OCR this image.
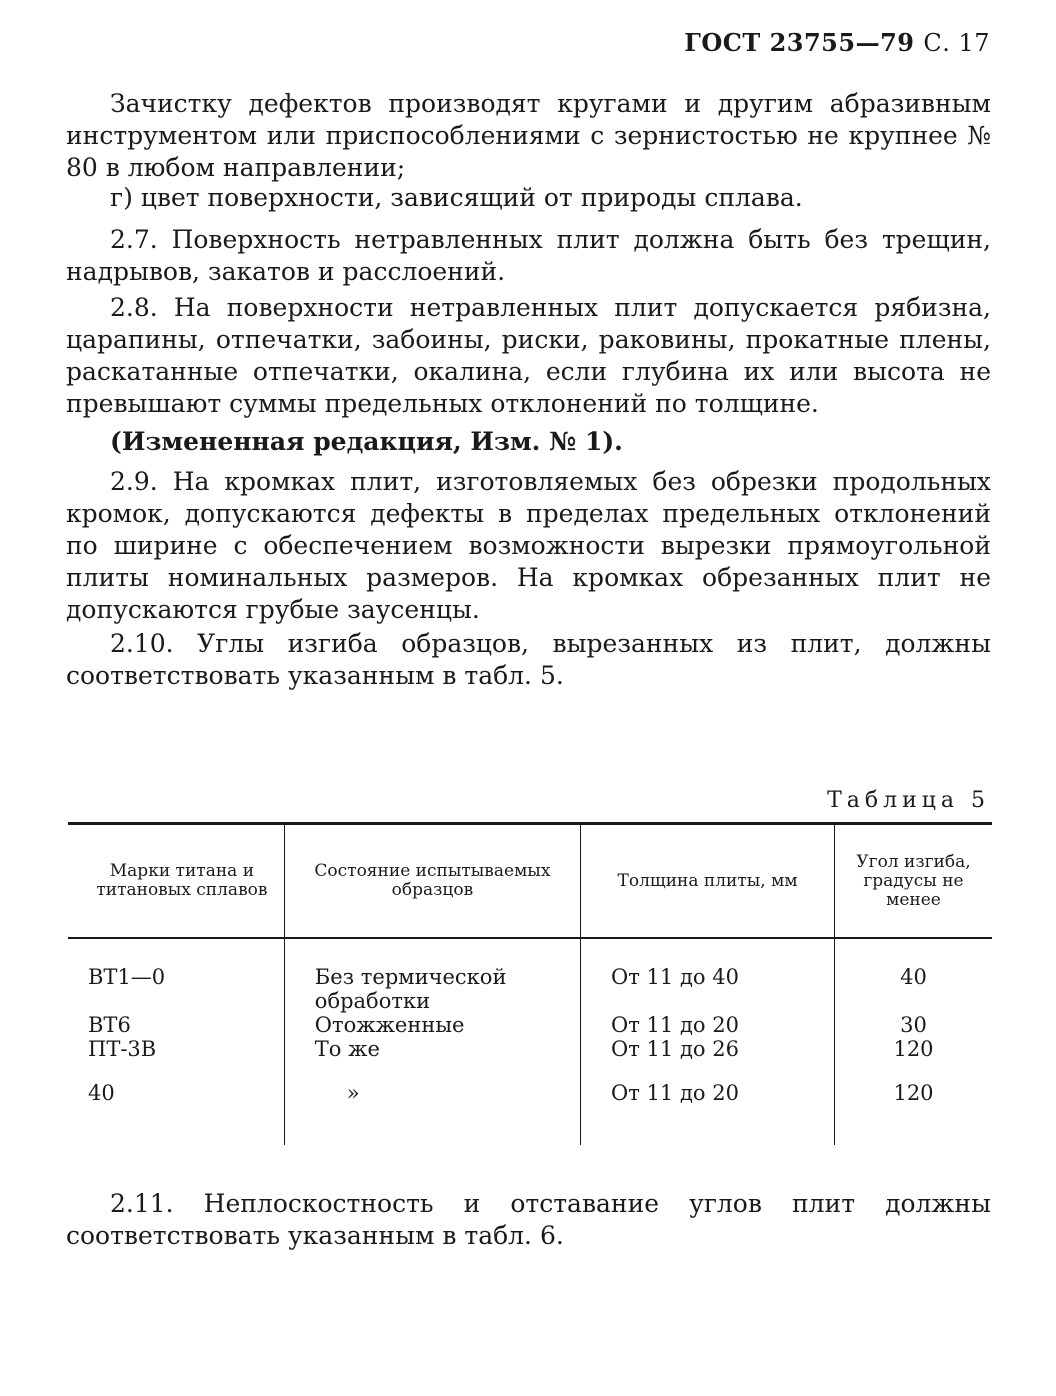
ГОСТ 23755—79 С. 17

Зачистку дефектов производят кругами и другим абразивным инструментом или приспособлениями с зернистостью не крупнее № 80 в любом направлении;

г) цвет поверхности, зависящий от природы сплава.

2.7. Поверхность нетравленных плит должна быть без трещин, надрывов, закатов и расслоений.

2.8. На поверхности нетравленных плит допускается рябизна, царапины, отпечатки, забоины, риски, раковины, прокатные плены, раскатанные отпечатки, окалина, если глубина их или высота не превышают суммы предельных отклонений по толщине.

(Измененная редакция, Изм. № 1).

2.9. На кромках плит, изготовляемых без обрезки продольных кромок, допускаются дефекты в пределах предельных отклонений по ширине с обеспечением возможности вырезки прямоугольной плиты номинальных размеров. На кромках обрезанных плит не допускаются грубые заусенцы.

2.10. Углы изгиба образцов, вырезанных из плит, должны соответствовать указанным в табл. 5.

Таблица 5
Марки титана и титановых сплавов	Состояние испытываемых образцов	Толщина плиты, мм	Угол изгиба, градусы не менее
ВТ1—0	Без термической обработки	От 11 до 40	40
ВТ6	Отожженные	От 11 до 20	30
ПТ-3В	То же	От 11 до 26	120
40	»	От 11 до 20	120

2.11. Неплоскостность и отставание углов плит должны соответствовать указанным в табл. 6.
